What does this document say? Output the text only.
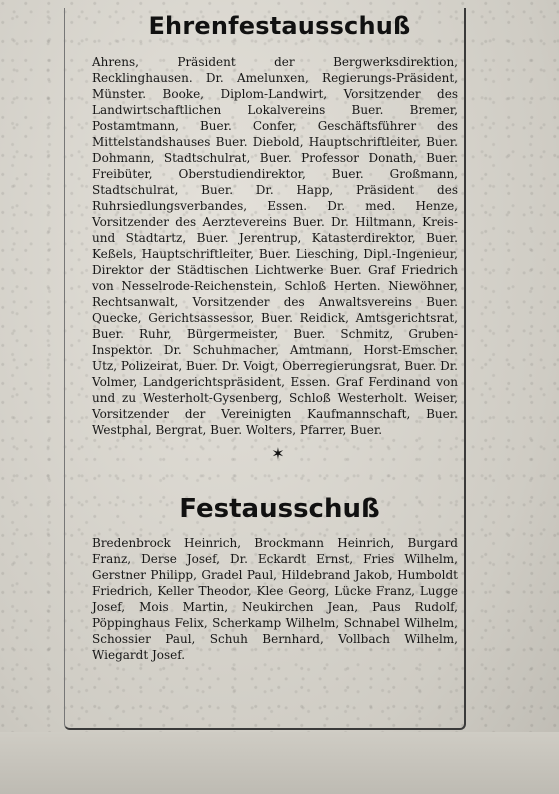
Ehrenfestausschuß
Ahrens, Präsident der Bergwerksdirektion, Recklinghausen. Dr. Amelunxen, Regierungs-Präsident, Münster. Booke, Diplom-Landwirt, Vorsitzender des Landwirtschaftlichen Lokalvereins Buer. Bremer, Postamtmann, Buer. Confer, Geschäftsführer des Mittelstandshauses Buer. Diebold, Hauptschriftleiter, Buer. Dohmann, Stadtschulrat, Buer. Professor Donath, Buer. Freibüter, Oberstudiendirektor, Buer. Großmann, Stadtschulrat, Buer. Dr. Happ, Präsident des Ruhrsiedlungsverbandes, Essen. Dr. med. Henze, Vorsitzender des Aerztevereins Buer. Dr. Hiltmann, Kreis- und Stadtartz, Buer. Jerentrup, Katasterdirektor, Buer. Keßels, Hauptschriftleiter, Buer. Liesching, Dipl.-Ingenieur, Direktor der Städtischen Lichtwerke Buer. Graf Friedrich von Nesselrode-Reichenstein, Schloß Herten. Niewöhner, Rechtsanwalt, Vorsitzender des Anwaltsvereins Buer. Quecke, Gerichtsassessor, Buer. Reidick, Amtsgerichtsrat, Buer. Ruhr, Bürgermeister, Buer. Schmitz, Gruben-Inspektor. Dr. Schuhmacher, Amtmann, Horst-Emscher. Utz, Polizeirat, Buer. Dr. Voigt, Oberregierungsrat, Buer. Dr. Volmer, Landgerichtspräsident, Essen. Graf Ferdinand von und zu Westerholt-Gysenberg, Schloß Westerholt. Weiser, Vorsitzender der Vereinigten Kaufmannschaft, Buer. Westphal, Bergrat, Buer. Wolters, Pfarrer, Buer.
✶
Festausschuß
Bredenbrock Heinrich, Brockmann Heinrich, Burgard Franz, Derse Josef, Dr. Eckardt Ernst, Fries Wilhelm, Gerstner Philipp, Gradel Paul, Hildebrand Jakob, Humboldt Friedrich, Keller Theodor, Klee Georg, Lücke Franz, Lugge Josef, Mois Martin, Neukirchen Jean, Paus Rudolf, Pöppinghaus Felix, Scherkamp Wilhelm, Schnabel Wilhelm, Schossier Paul, Schuh Bernhard, Vollbach Wilhelm, Wiegardt Josef.
